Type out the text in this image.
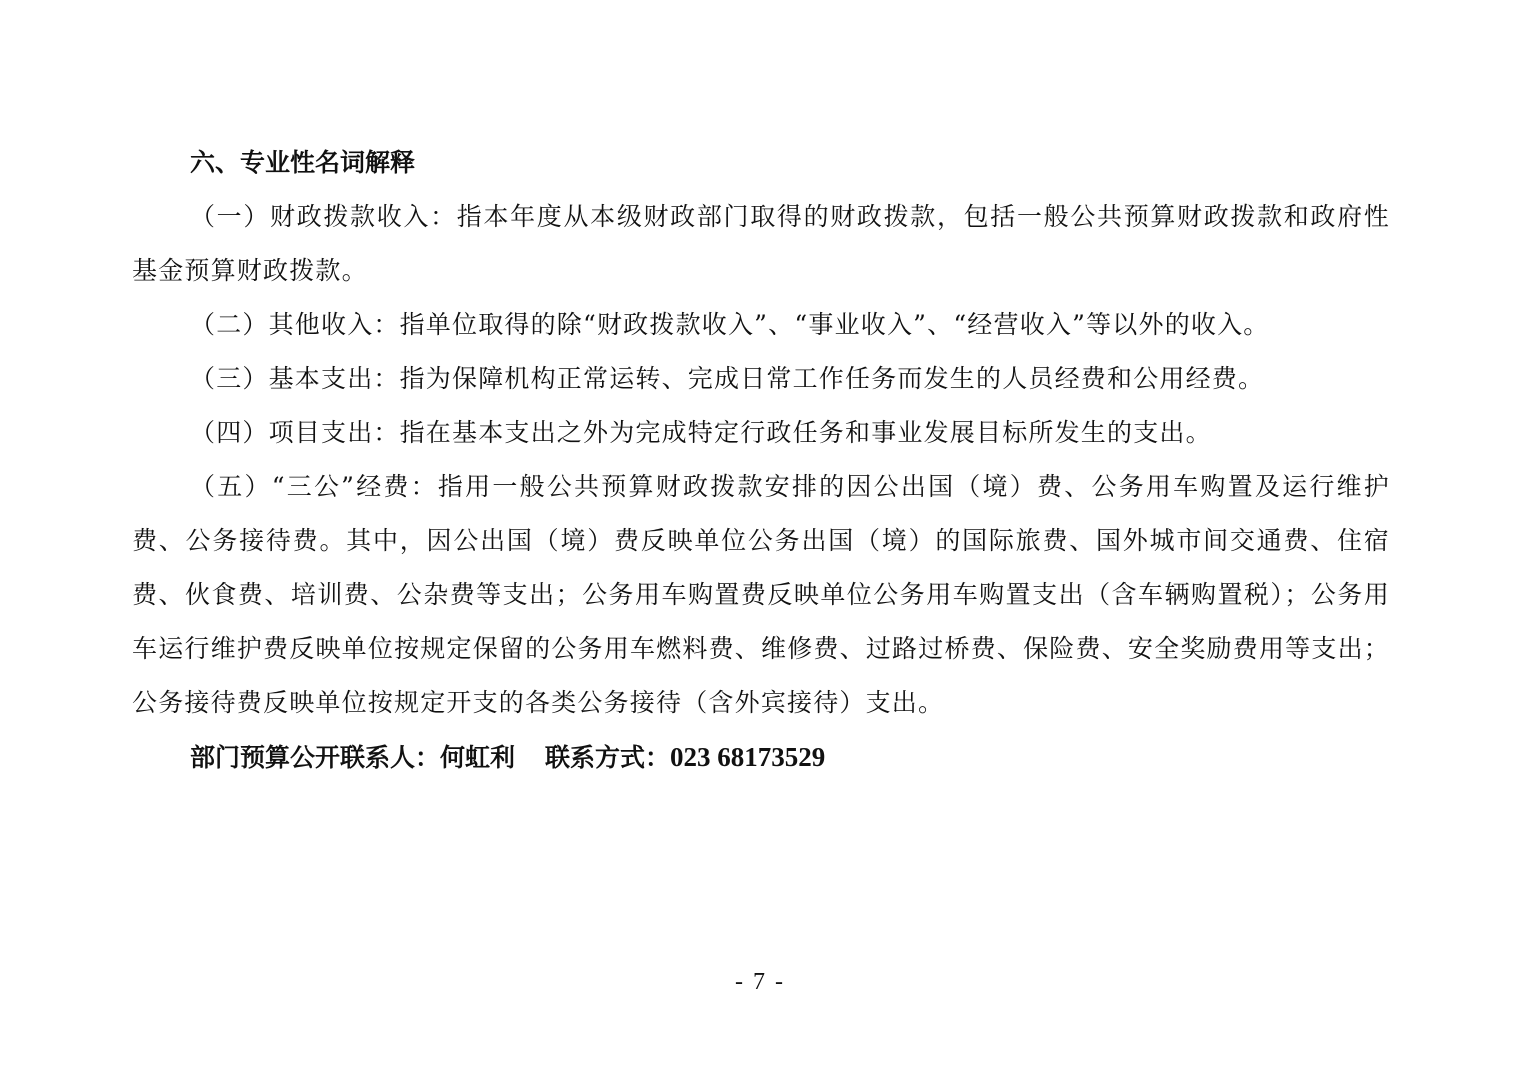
六、专业性名词解释

（一）财政拨款收入：指本年度从本级财政部门取得的财政拨款，包括一般公共预算财政拨款和政府性基金预算财政拨款。

（二）其他收入：指单位取得的除“财政拨款收入”、“事业收入”、“经营收入”等以外的收入。

（三）基本支出：指为保障机构正常运转、完成日常工作任务而发生的人员经费和公用经费。

（四）项目支出：指在基本支出之外为完成特定行政任务和事业发展目标所发生的支出。

（五）“三公”经费：指用一般公共预算财政拨款安排的因公出国（境）费、公务用车购置及运行维护费、公务接待费。其中，因公出国（境）费反映单位公务出国（境）的国际旅费、国外城市间交通费、住宿费、伙食费、培训费、公杂费等支出；公务用车购置费反映单位公务用车购置支出（含车辆购置税）；公务用车运行维护费反映单位按规定保留的公务用车燃料费、维修费、过路过桥费、保险费、安全奖励费用等支出；公务接待费反映单位按规定开支的各类公务接待（含外宾接待）支出。

部门预算公开联系人：何虹利 联系方式：023 68173529
- 7 -
